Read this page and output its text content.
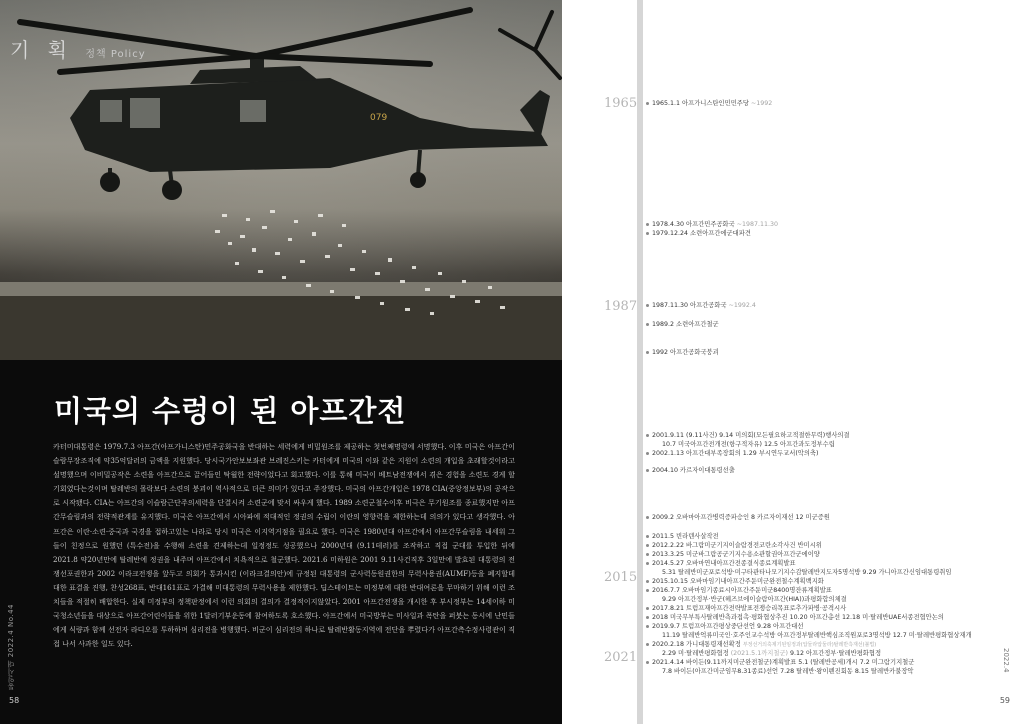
079
기 획 정책 Policy
미국의 수렁이 된 아프간전
카터미대통령은 1979.7.3 아프간(아프가니스탄)민주공화국을 반대하는 세력에게 비밀원조를 제공하는 첫번째명령에 서명했다. 이후 미국은 아프간이슬람무장조직에 약35억달러의 금액을 지원했다. 당시국가안보보좌관 브레진스키는 카터에게 미국의 이와 같은 지원이 소련의 개입을 초래할것이라고 설명했으며 이비밀공작은 소련을 아프간으로 끌어들인 탁월한 전략이었다고 회고했다. 이를 통해 미국이 베트남전쟁에서 겪은 경험을 소련도 경게 할 기회였다는것이며 탈레반의 몰락보다 소련의 붕괴이 역사적으로 더큰 의미가 있다고 주장했다. 미국의 아프간개입은 1978 CIA(중앙정보부)의 공작으로 시작됐다. CIA는 아프간의 이슬람근단주의세력을 단결시켜 소련군에 맞서 싸우게 했다. 1989 소련군철수이후 비극은 무기원조를 종료했지만 아프간무슬림과의 전략적관계를 유지했다. 미국은 아프간에서 시아파에 적대적인 정권의 수립이 이란의 영향력을 제한하는데 의의가 있다고 생각했다. 아프간은 이란·소련·중국과 국경을 접하고있는 나라로 당시 미국은 이지역거점을 필요로 했다. 미국은 1980년대 아프간에서 아프간무슬림을 내세워 그들이 친정으로 원했던 (특수전)을 수행해 소련을 견제하는데 일정정도 성공했으나 2000년대 (9.11테러)를 조작하고 직접 군대를 투입한 뒤에 2021.8 약20년만에 탈레반에 정권을 내주며 아프간에서 치욕적으로 철군했다. 2021.6 미하원은 2001 9.11사건직후 3일만에 발효된 대통령의 전쟁선포권한과 2002 이라크전쟁을 앞두고 의회가 통과시킨 (이라크결의안)에 규정된 대통령의 군사력동원권한의 무력사용권(AUMF)등을 폐지할데 대한 표결을 진행, 찬성268표, 반대161표로 가결해 미대통령의 무력사용을 제한했다. 딥스테이트는 미정부에 대한 반대여론을 무마하기 위해 이런 조치들을 적절히 배합한다. 실제 미정부의 정책판정에서 이런 의회의 결의가 결정적이지않았다. 2001 아프간전쟁을 개시한 후 부시정부는 14세이하 미국청소년들을 대상으로 아프간어린이들을 위한 1달러기부운동에 참여하도록 호소했다. 아프간에서 미국방부는 미사일과 폭탄을 퍼붓는 동시에 난민들에게 식량과 함께 선전자 라디오를 투하하며 심리전을 병행했다. 비군이 심리전의 하나로 탈레반활동지역에 전단을 뿌렸다가 아프간측수정사령관이 직접 나서 사과한 일도 있다.
통일시대 2022.4 No.44
58
1965
1987
2015
2021
1965.1.1 아프가니스탄인민민주당 ~1992
1978.4.30 아프간민주공화국 ~1987.11.30
1979.12.24 소련아프간에군대파견
1987.11.30 아프간공화국 ~1992.4
1989.2 소련아프간철군
1992 아프간공화국붕괴
2001.9.11 (9.11사건) 9.14 미의회(모든필요하고적절한무력)행사의결
10.7 미국아프간전개전(항구적자유) 12.5 아프간과도정부수립
2002.1.13 아프간대부족장회의 1.29 부시연두교서(악의축)
2004.10 카르자이대통령선출
2009.2 오바마아프간병력증파승인 8 카르자이재선 12 미군증원
2011.5 빈라덴사살작전
2012.2.22 바그람미군기지이슬람경전코란소각사건 반미시위
2013.3.25 미군바그람공군기지수용소관할권아프간군에이양
2014.5.27 오바마연내아프간전종결식종료계획발표
5.31 탈레반미군포로석방·미구타관타나모기지수감탈레반지도자5명석방 9.29 가니아프간신임대통령취임
2015.10.15 오바마임기내아프간주둔미군완전철수계획백지화
2016.7.7 오바마임기종료시아프간주둔미군8400명잔류계획발표
9.29 아프간정부·반군(헤즈브에이슬람아프간(HIA))과평화합의체결
2017.8.21 트럼프재아프간전략발표전쟁승리목표로추가파병·공격시사
2018 미국무부특사탈레반측과접촉·평화협상추진 10.20 아프간총선 12.18 미·탈레반UAE서종전협안논의
2019.9.7 트럼프아프간평상중단선언 9.28 아프간대선
11.19 탈레반억류미국인·호주인교수석방 아프간정부탈레반핵심조직원포로3명석방 12.7 미·탈레반평화협상재개
2020.2.18 가니대통령재선확정 부정선거의혹제기된임정과(압둘라압둘라)탈레반측재선(불법)
2.29 미·탈레반평화협정 (2021.5.1까지철군) 9.12 아프간정부·탈레반평화협정
2021.4.14 바이든(9.11까지미군완전철군)계획발표 5.1 (탈레반공세)개시 7.2 미그람기지철군
7.8 바이든(아프간미군임무8.31종료)선언 7.28 탈레반·왕이펜진회동 8.15 탈레반카불장악	2022.4
59
